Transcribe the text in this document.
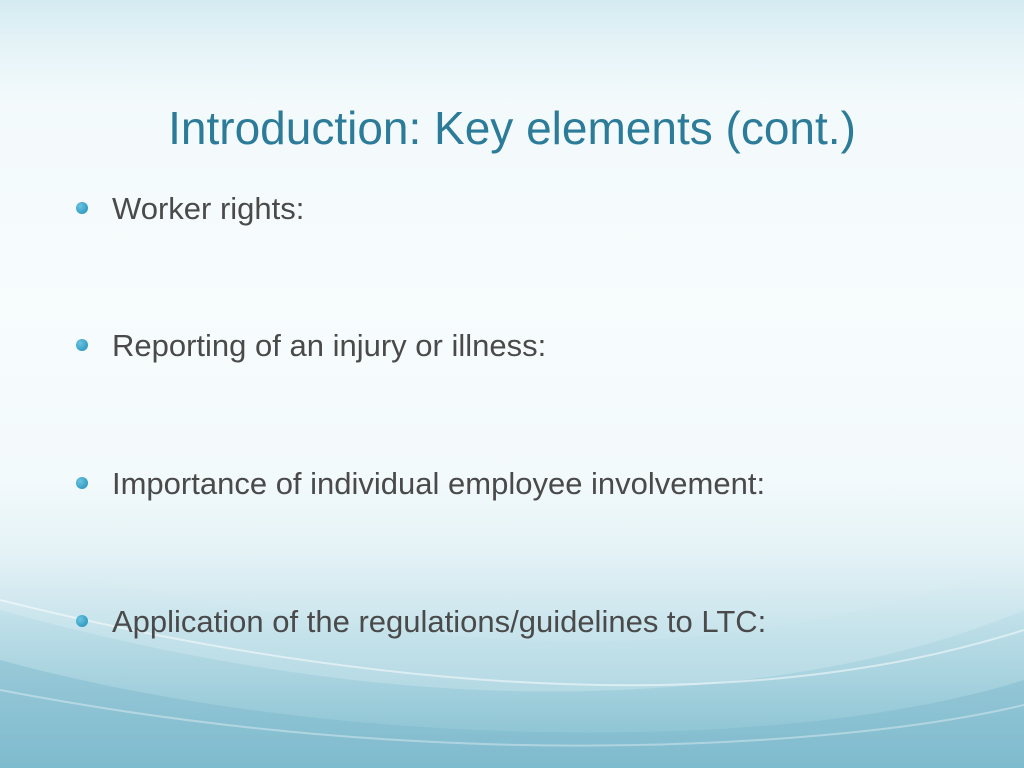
Introduction: Key elements (cont.)
Worker rights:
Reporting of an injury or illness:
Importance of individual employee involvement:
Application of the regulations/guidelines to LTC:
